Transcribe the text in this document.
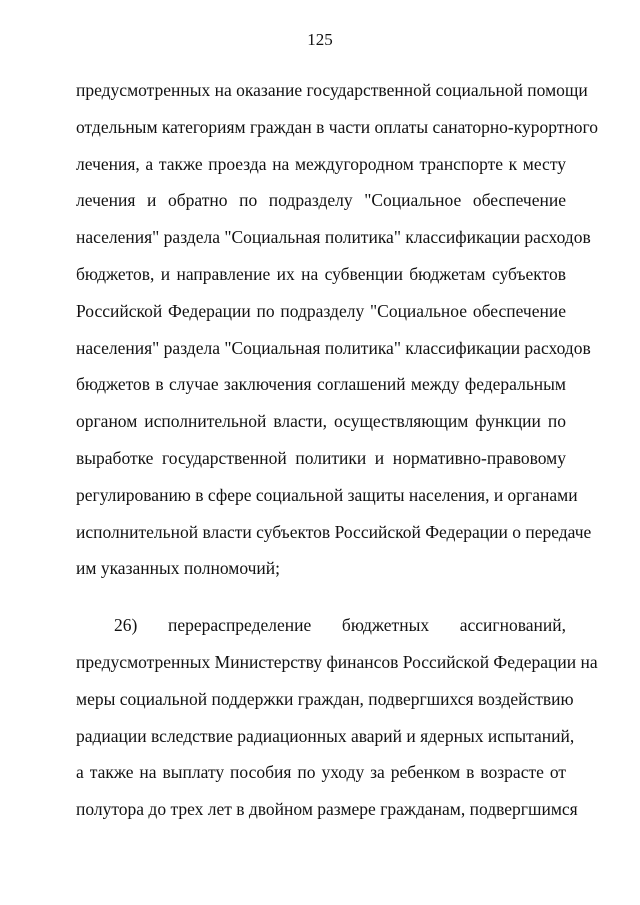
125
предусмотренных на оказание государственной социальной помощи
отдельным категориям граждан в части оплаты санаторно-курортного
лечения, а также проезда на междугородном транспорте к месту
лечения и обратно по подразделу "Социальное обеспечение
населения" раздела "Социальная политика" классификации расходов
бюджетов, и направление их на субвенции бюджетам субъектов
Российской Федерации по подразделу "Социальное обеспечение
населения" раздела "Социальная политика" классификации расходов
бюджетов в случае заключения соглашений между федеральным
органом исполнительной власти, осуществляющим функции по
выработке государственной политики и нормативно-правовому
регулированию в сфере социальной защиты населения, и органами
исполнительной власти субъектов Российской Федерации о передаче
им указанных полномочий;
26) перераспределение бюджетных ассигнований,
предусмотренных Министерству финансов Российской Федерации на
меры социальной поддержки граждан, подвергшихся воздействию
радиации вследствие радиационных аварий и ядерных испытаний,
а также на выплату пособия по уходу за ребенком в возрасте от
полутора до трех лет в двойном размере гражданам, подвергшимся
